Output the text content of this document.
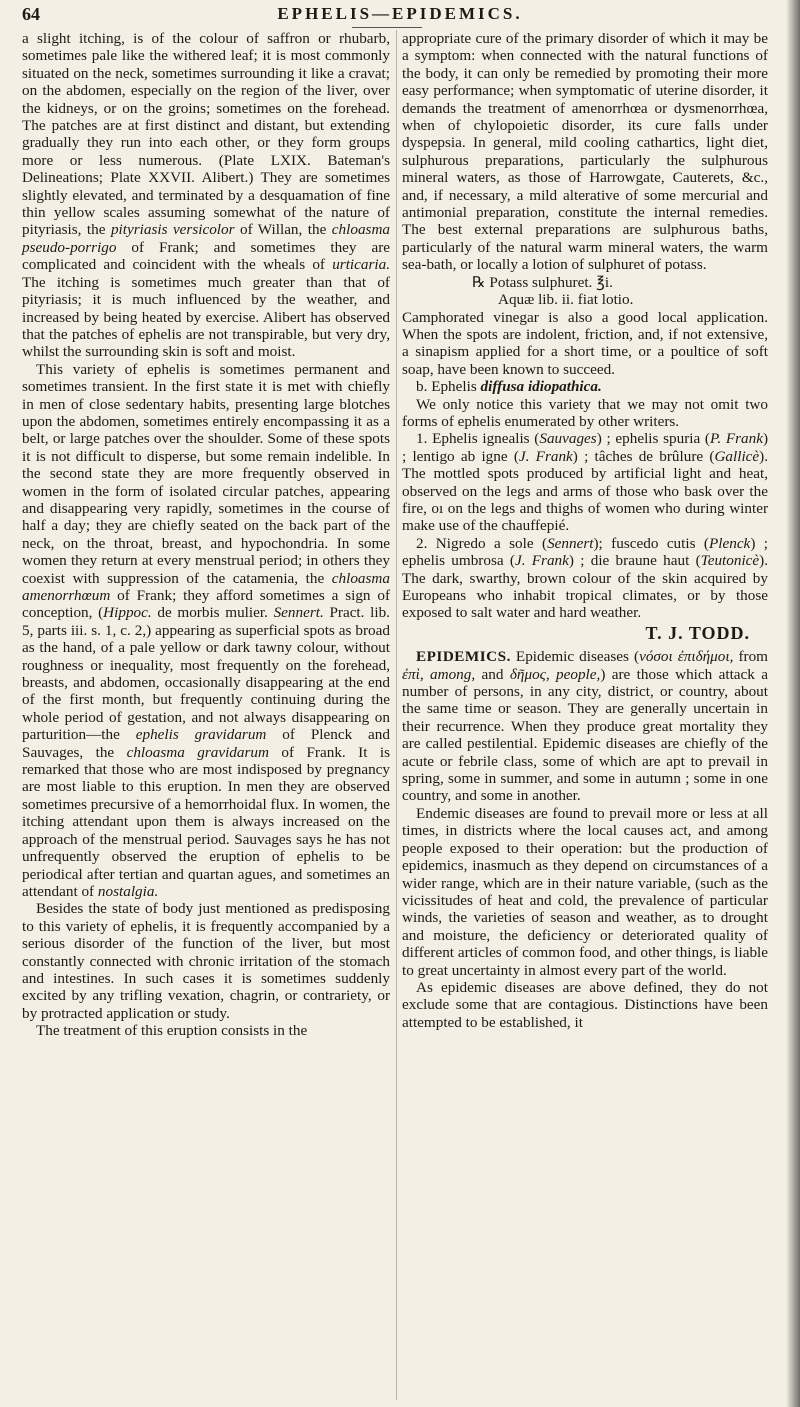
64	EPHELIS—EPIDEMICS.

a slight itching, is of the colour of saffron or rhubarb, sometimes pale like the withered leaf; it is most commonly situated on the neck, sometimes surrounding it like a cravat; on the abdomen, especially on the region of the liver, over the kidneys, or on the groins; sometimes on the forehead. The patches are at first distinct and distant, but extending gradually they run into each other, or they form groups more or less numerous. (Plate LXIX. Bateman's Delineations; Plate XXVII. Alibert.) They are sometimes slightly elevated, and terminated by a desquamation of fine thin yellow scales assuming somewhat of the nature of pityriasis, the pityriasis versicolor of Willan, the chloasma pseudo-porrigo of Frank; and sometimes they are complicated and coincident with the wheals of urticaria. The itching is sometimes much greater than that of pityriasis; it is much influenced by the weather, and increased by being heated by exercise. Alibert has observed that the patches of ephelis are not transpirable, but very dry, whilst the surrounding skin is soft and moist.

This variety of ephelis is sometimes permanent and sometimes transient. In the first state it is met with chiefly in men of close sedentary habits, presenting large blotches upon the abdomen, sometimes entirely encompassing it as a belt, or large patches over the shoulder. Some of these spots it is not difficult to disperse, but some remain indelible. In the second state they are more frequently observed in women in the form of isolated circular patches, appearing and disappearing very rapidly, sometimes in the course of half a day; they are chiefly seated on the back part of the neck, on the throat, breast, and hypochondria. In some women they return at every menstrual period; in others they coexist with suppression of the catamenia, the chloasma amenorrhœum of Frank; they afford sometimes a sign of conception, (Hippoc. de morbis mulier. Sennert. Pract. lib. 5, parts iii. s. 1, c. 2,) appearing as superficial spots as broad as the hand, of a pale yellow or dark tawny colour, without roughness or inequality, most frequently on the forehead, breasts, and abdomen, occasionally disappearing at the end of the first month, but frequently continuing during the whole period of gestation, and not always disappearing on parturition—the ephelis gravidarum of Plenck and Sauvages, the chloasma gravidarum of Frank. It is remarked that those who are most indisposed by pregnancy are most liable to this eruption. In men they are observed sometimes precursive of a hemorrhoidal flux. In women, the itching attendant upon them is always increased on the approach of the menstrual period. Sauvages says he has not unfrequently observed the eruption of ephelis to be periodical after tertian and quartan agues, and sometimes an attendant of nostalgia.

Besides the state of body just mentioned as predisposing to this variety of ephelis, it is frequently accompanied by a serious disorder of the function of the liver, but most constantly connected with chronic irritation of the stomach and intestines. In such cases it is sometimes suddenly excited by any trifling vexation, chagrin, or contrariety, or by protracted application or study.

The treatment of this eruption consists in the

appropriate cure of the primary disorder of which it may be a symptom: when connected with the natural functions of the body, it can only be remedied by promoting their more easy performance; when symptomatic of uterine disorder, it demands the treatment of amenorrhœa or dysmenorrhœa, when of chylopoietic disorder, its cure falls under dyspepsia. In general, mild cooling cathartics, light diet, sulphurous preparations, particularly the sulphurous mineral waters, as those of Harrowgate, Cauterets, &c., and, if necessary, a mild alterative of some mercurial and antimonial preparation, constitute the internal remedies. The best external preparations are sulphurous baths, particularly of the natural warm mineral waters, the warm sea-bath, or locally a lotion of sulphuret of potass.

℞ Potass sulphuret. ℥i.

Aquæ lib. ii. fiat lotio.

Camphorated vinegar is also a good local application. When the spots are indolent, friction, and, if not extensive, a sinapism applied for a short time, or a poultice of soft soap, have been known to succeed.

b. Ephelis diffusa idiopathica.

We only notice this variety that we may not omit two forms of ephelis enumerated by other writers.

1. Ephelis ignealis (Sauvages) ; ephelis spuria (P. Frank) ; lentigo ab igne (J. Frank) ; tâches de brûlure (Gallicè). The mottled spots produced by artificial light and heat, observed on the legs and arms of those who bask over the fire, oı on the legs and thighs of women who during winter make use of the chauffepié.

2. Nigredo a sole (Sennert); fuscedo cutis (Plenck) ; ephelis umbrosa (J. Frank) ; die braune haut (Teutonicè). The dark, swarthy, brown colour of the skin acquired by Europeans who inhabit tropical climates, or by those exposed to salt water and hard weather.

T. J. TODD.

EPIDEMICS. Epidemic diseases (νόσοι ἐπιδήμοι, from ἐπὶ, among, and δῆμος, people,) are those which attack a number of persons, in any city, district, or country, about the same time or season. They are generally uncertain in their recurrence. When they produce great mortality they are called pestilential. Epidemic diseases are chiefly of the acute or febrile class, some of which are apt to prevail in spring, some in summer, and some in autumn ; some in one country, and some in another.

Endemic diseases are found to prevail more or less at all times, in districts where the local causes act, and among people exposed to their operation: but the production of epidemics, inasmuch as they depend on circumstances of a wider range, which are in their nature variable, (such as the vicissitudes of heat and cold, the prevalence of particular winds, the varieties of season and weather, as to drought and moisture, the deficiency or deteriorated quality of different articles of common food, and other things, is liable to great uncertainty in almost every part of the world.

As epidemic diseases are above defined, they do not exclude some that are contagious. Distinctions have been attempted to be established, it
